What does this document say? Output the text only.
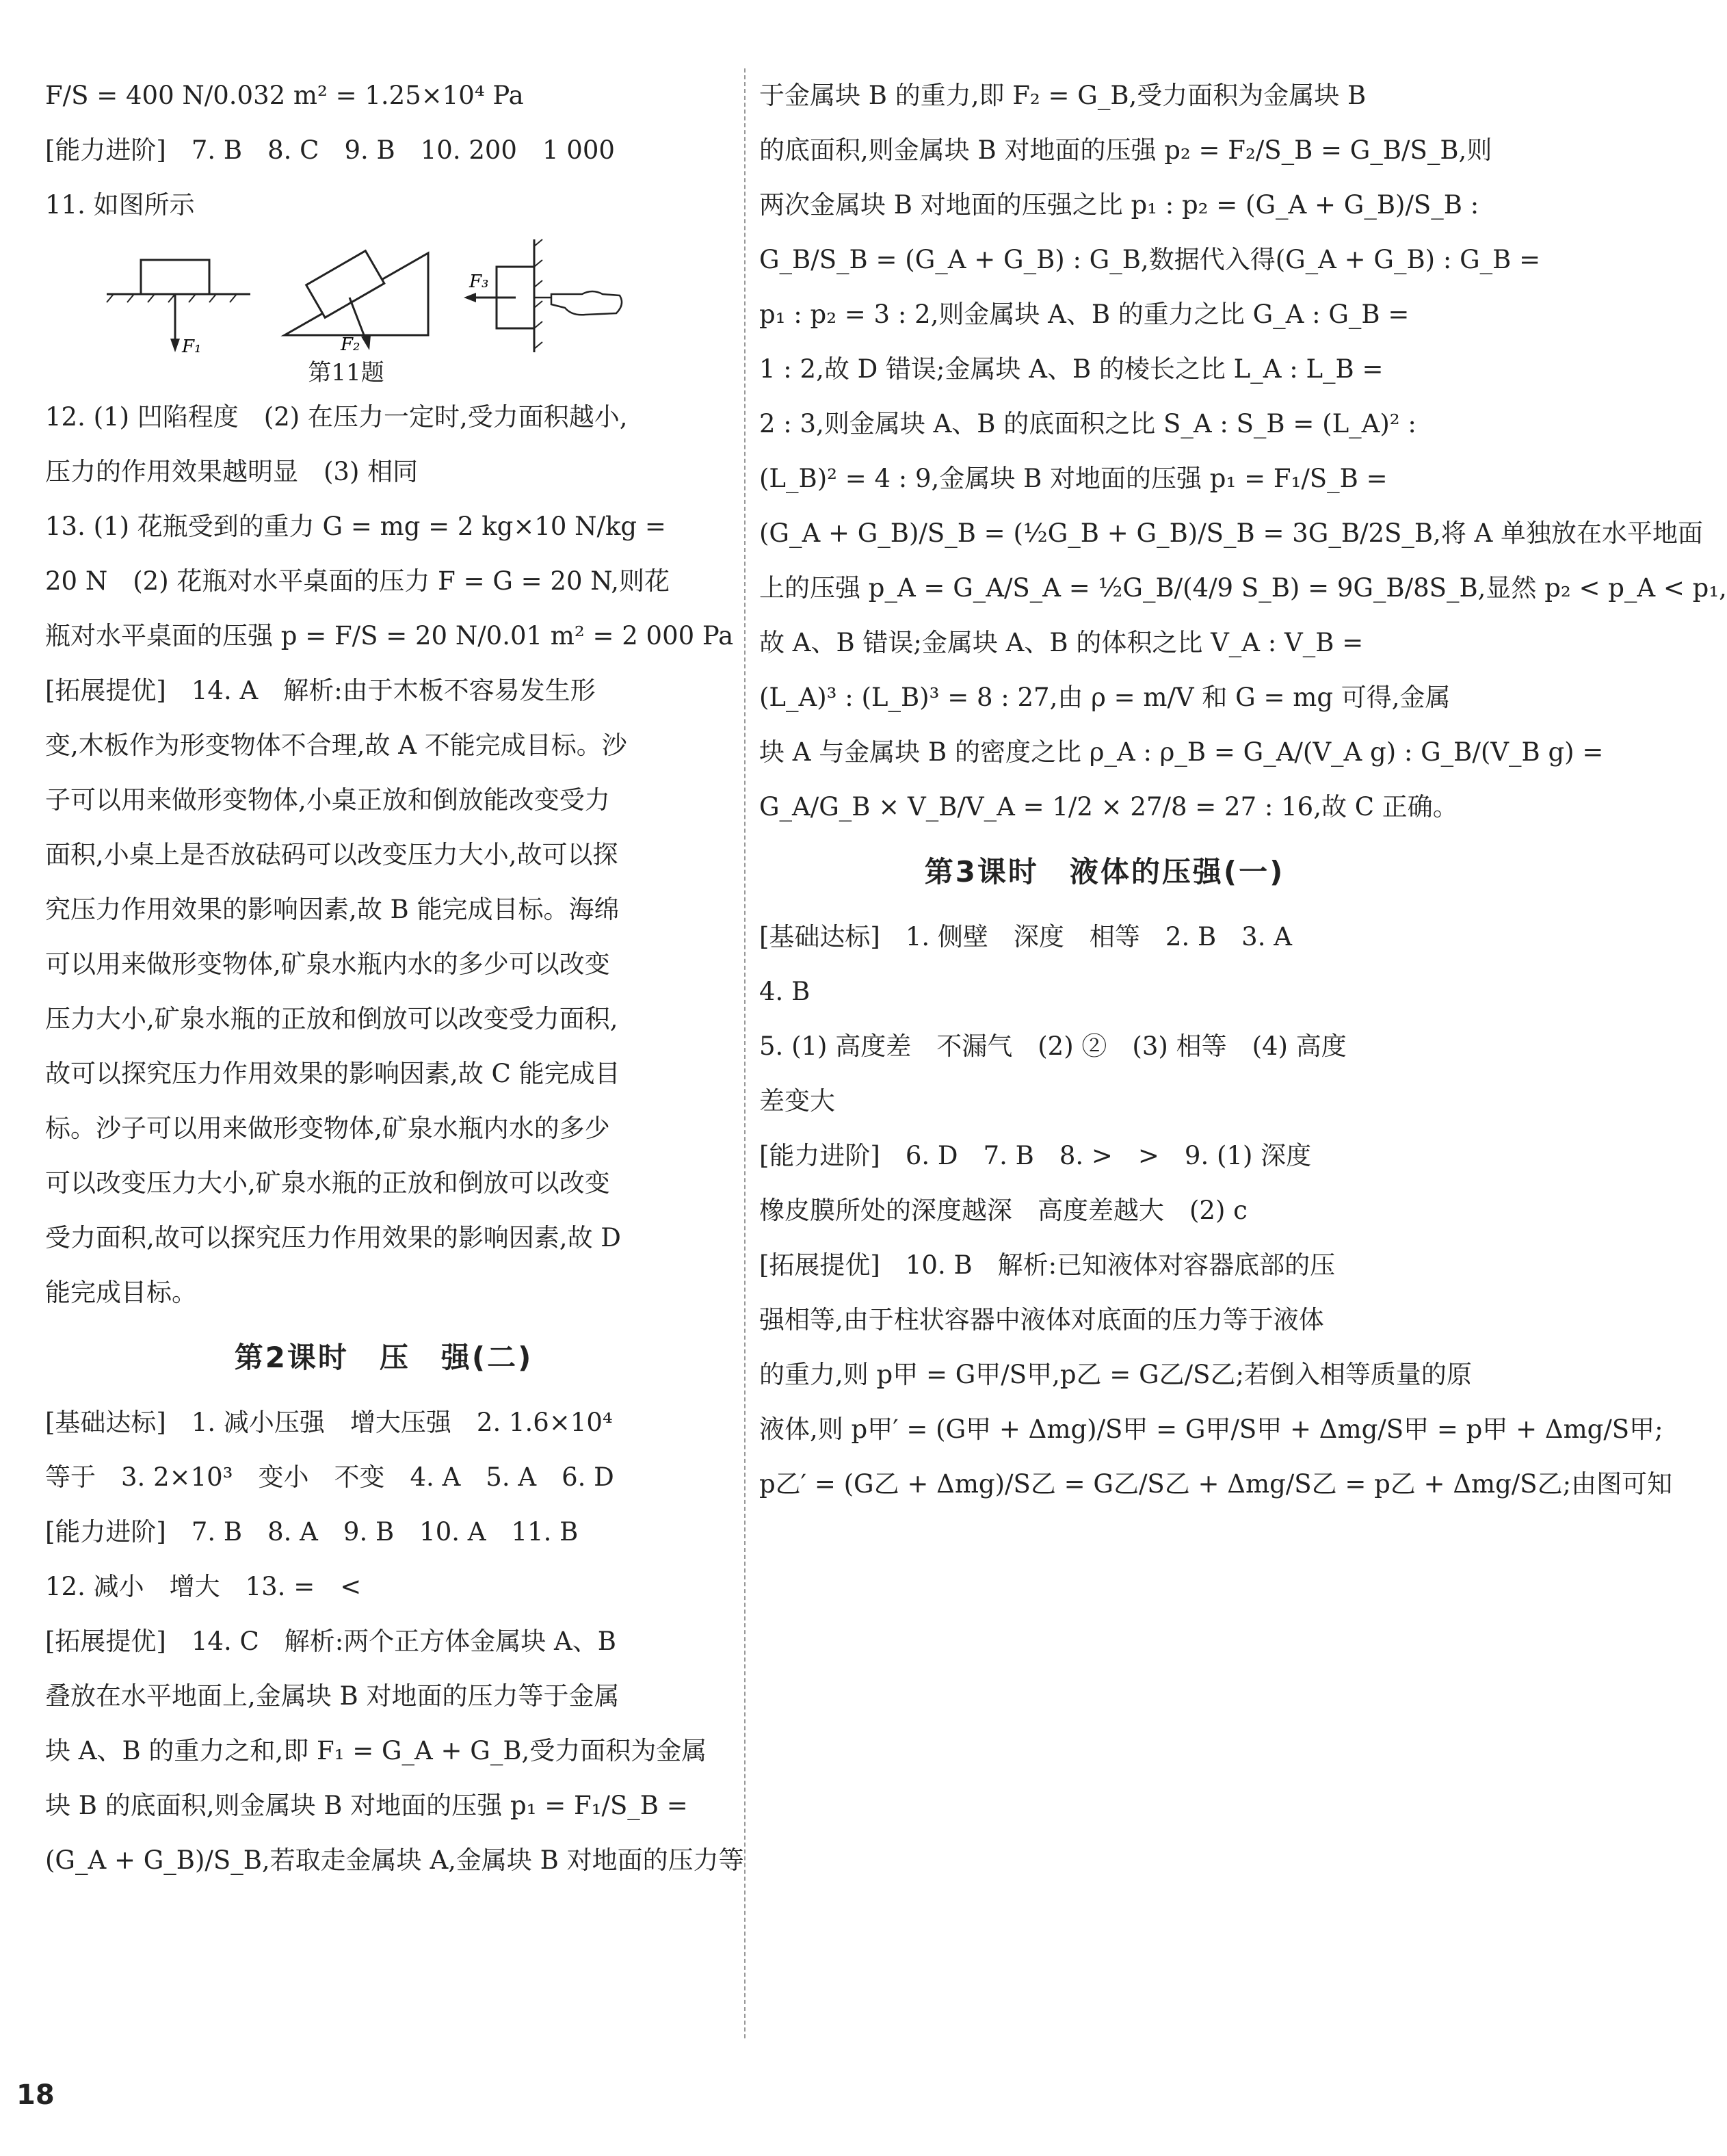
F/S = 400 N/0.032 m² = 1.25×10⁴ Pa
[能力进阶]　7. B　8. C　9. B　10. 200　1 000
11. 如图所示
F₁	F₂
F₃
第11题
12. (1) 凹陷程度　(2) 在压力一定时,受力面积越小,
压力的作用效果越明显　(3) 相同
13. (1) 花瓶受到的重力 G = mg = 2 kg×10 N/kg =
20 N　(2) 花瓶对水平桌面的压力 F = G = 20 N,则花
瓶对水平桌面的压强 p = F/S = 20 N/0.01 m² = 2 000 Pa
[拓展提优]　14. A　解析:由于木板不容易发生形
变,木板作为形变物体不合理,故 A 不能完成目标。沙
子可以用来做形变物体,小桌正放和倒放能改变受力
面积,小桌上是否放砝码可以改变压力大小,故可以探
究压力作用效果的影响因素,故 B 能完成目标。海绵
可以用来做形变物体,矿泉水瓶内水的多少可以改变
压力大小,矿泉水瓶的正放和倒放可以改变受力面积,
故可以探究压力作用效果的影响因素,故 C 能完成目
标。沙子可以用来做形变物体,矿泉水瓶内水的多少
可以改变压力大小,矿泉水瓶的正放和倒放可以改变
受力面积,故可以探究压力作用效果的影响因素,故 D
能完成目标。
第2课时　压　强(二)
[基础达标]　1. 减小压强　增大压强　2. 1.6×10⁴
等于　3. 2×10³　变小　不变　4. A　5. A　6. D
[能力进阶]　7. B　8. A　9. B　10. A　11. B
12. 减小　增大　13. =　<
[拓展提优]　14. C　解析:两个正方体金属块 A、B
叠放在水平地面上,金属块 B 对地面的压力等于金属
块 A、B 的重力之和,即 F₁ = G_A + G_B,受力面积为金属
块 B 的底面积,则金属块 B 对地面的压强 p₁ = F₁/S_B =
(G_A + G_B)/S_B,若取走金属块 A,金属块 B 对地面的压力等
于金属块 B 的重力,即 F₂ = G_B,受力面积为金属块 B
的底面积,则金属块 B 对地面的压强 p₂ = F₂/S_B = G_B/S_B,则
两次金属块 B 对地面的压强之比 p₁ : p₂ = (G_A + G_B)/S_B :
G_B/S_B = (G_A + G_B) : G_B,数据代入得(G_A + G_B) : G_B =
p₁ : p₂ = 3 : 2,则金属块 A、B 的重力之比 G_A : G_B =
1 : 2,故 D 错误;金属块 A、B 的棱长之比 L_A : L_B =
2 : 3,则金属块 A、B 的底面积之比 S_A : S_B = (L_A)² :
(L_B)² = 4 : 9,金属块 B 对地面的压强 p₁ = F₁/S_B =
(G_A + G_B)/S_B = (½G_B + G_B)/S_B = 3G_B/2S_B,将 A 单独放在水平地面
上的压强 p_A = G_A/S_A = ½G_B/(4/9 S_B) = 9G_B/8S_B,显然 p₂ < p_A < p₁,
故 A、B 错误;金属块 A、B 的体积之比 V_A : V_B =
(L_A)³ : (L_B)³ = 8 : 27,由 ρ = m/V 和 G = mg 可得,金属
块 A 与金属块 B 的密度之比 ρ_A : ρ_B = G_A/(V_A g) : G_B/(V_B g) =
G_A/G_B × V_B/V_A = 1/2 × 27/8 = 27 : 16,故 C 正确。
第3课时　液体的压强(一)
[基础达标]　1. 侧壁　深度　相等　2. B　3. A
4. B
5. (1) 高度差　不漏气　(2) ②　(3) 相等　(4) 高度
差变大
[能力进阶]　6. D　7. B　8. >　>　9. (1) 深度
橡皮膜所处的深度越深　高度差越大　(2) c
[拓展提优]　10. B　解析:已知液体对容器底部的压
强相等,由于柱状容器中液体对底面的压力等于液体
的重力,则 p甲 = G甲/S甲,p乙 = G乙/S乙;若倒入相等质量的原
液体,则 p甲′ = (G甲 + Δmg)/S甲 = G甲/S甲 + Δmg/S甲 = p甲 + Δmg/S甲;
p乙′ = (G乙 + Δmg)/S乙 = G乙/S乙 + Δmg/S乙 = p乙 + Δmg/S乙;由图可知
18
